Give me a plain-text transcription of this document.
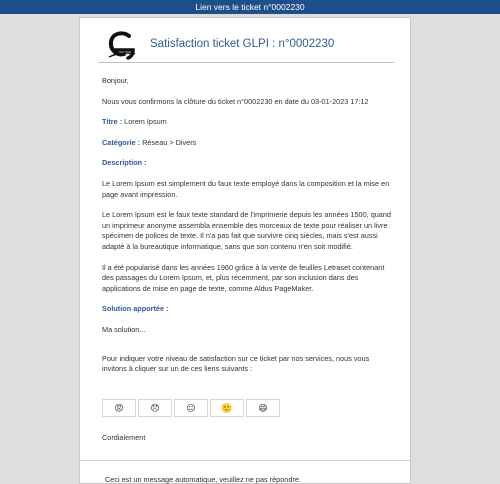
Lien vers le ticket n°0002230
Satisfaction ticket GLPI : n°0002230

Bonjour,

Nous vous confirmons la clôture du ticket n°0002230 en date du 03-01-2023 17:12

Titre : Lorem Ipsum

Catégorie : Réseau > Divers

Description :

Le Lorem Ipsum est simplement du faux texte employé dans la composition et la mise en page avant impression.

Le Lorem Ipsum est le faux texte standard de l'imprimerie depuis les années 1500, quand un imprimeur anonyme assembla ensemble des morceaux de texte pour réaliser un livre spécimen de polices de texte. Il n'a pas fait que survivre cinq siècles, mais s'est aussi adapté à la bureautique informatique, sans que son contenu n'en soit modifié.

Il a été popularisé dans les années 1960 grâce à la vente de feuilles Letraset contenant des passages du Lorem Ipsum, et, plus récemment, par son inclusion dans des applications de mise en page de texte, comme Aldus PageMaker.

Solution apportée :

Ma solution...

Pour indiquer votre niveau de satisfaction sur ce ticket par nos services, nous vous invitons à cliquer sur un de ces liens suivants :

😡	😞	😐	🙂	😄
Cordialement
Ceci est un message automatique, veuillez ne pas répondre.
